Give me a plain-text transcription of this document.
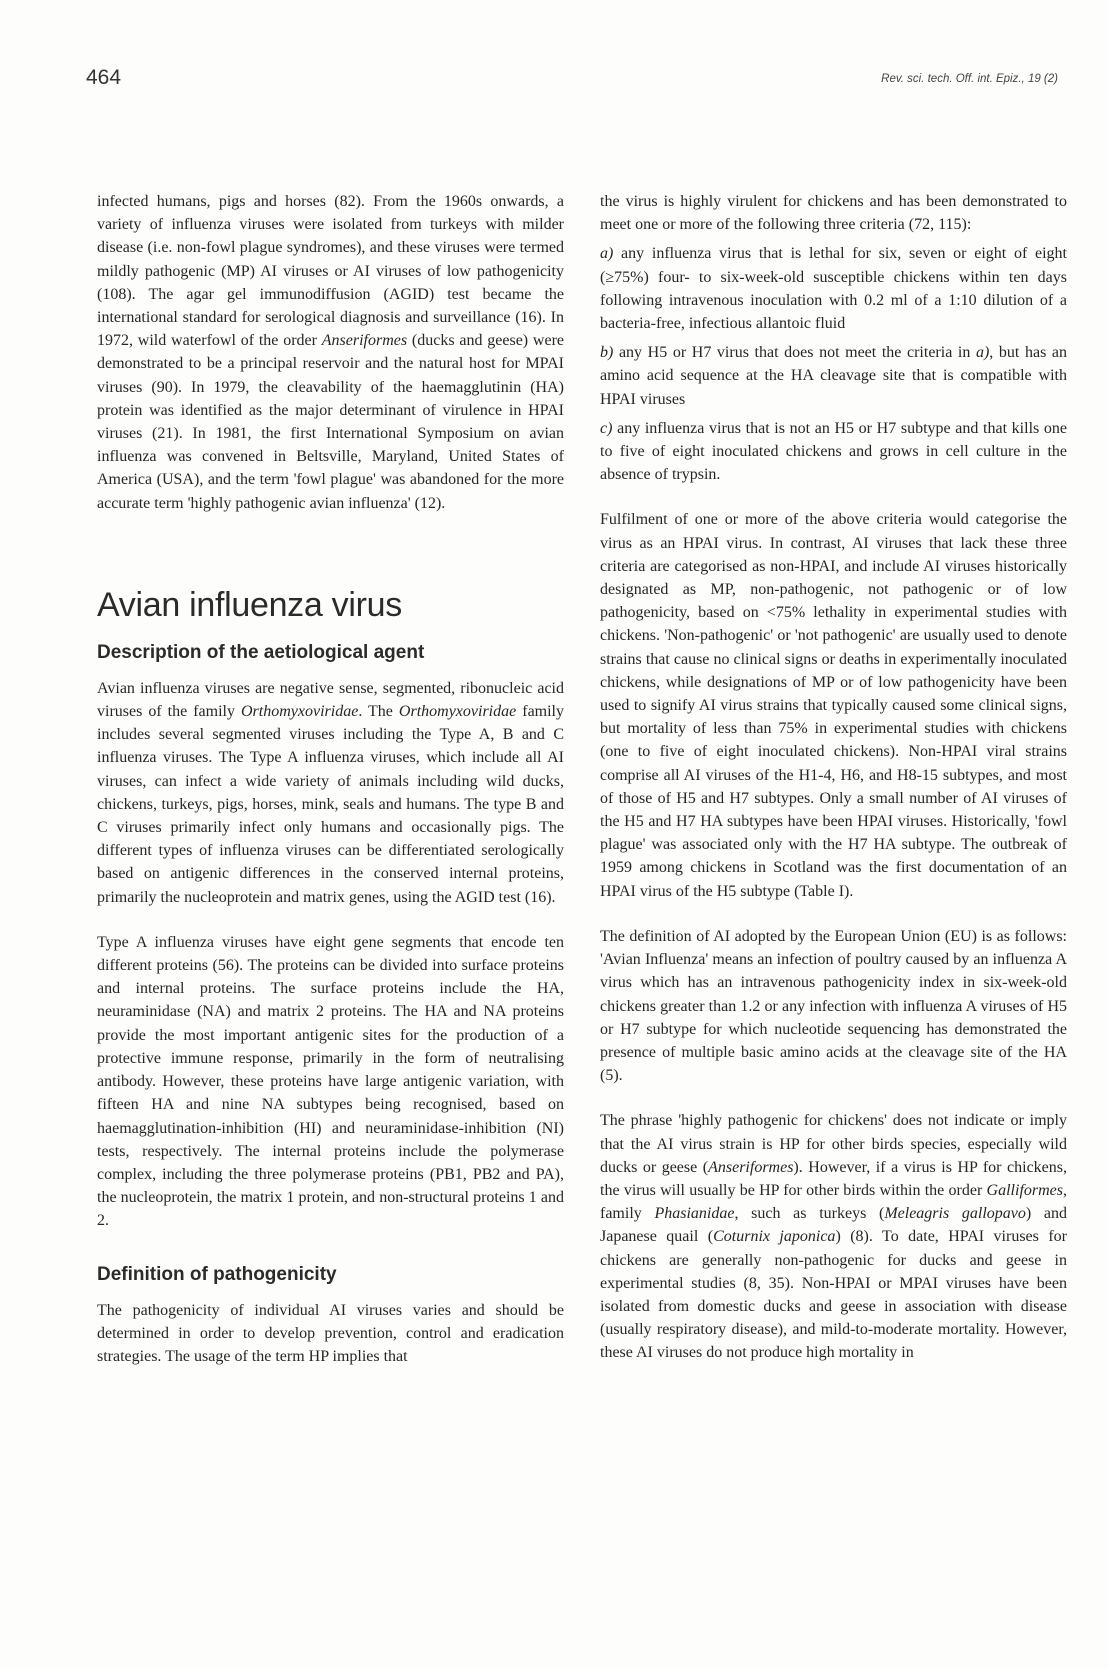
464	Rev. sci. tech. Off. int. Epiz., 19 (2)

infected humans, pigs and horses (82). From the 1960s onwards, a variety of influenza viruses were isolated from turkeys with milder disease (i.e. non-fowl plague syndromes), and these viruses were termed mildly pathogenic (MP) AI viruses or AI viruses of low pathogenicity (108). The agar gel immunodiffusion (AGID) test became the international standard for serological diagnosis and surveillance (16). In 1972, wild waterfowl of the order Anseriformes (ducks and geese) were demonstrated to be a principal reservoir and the natural host for MPAI viruses (90). In 1979, the cleavability of the haemagglutinin (HA) protein was identified as the major determinant of virulence in HPAI viruses (21). In 1981, the first International Symposium on avian influenza was convened in Beltsville, Maryland, United States of America (USA), and the term 'fowl plague' was abandoned for the more accurate term 'highly pathogenic avian influenza' (12).

Avian influenza virus
Description of the aetiological agent

Avian influenza viruses are negative sense, segmented, ribonucleic acid viruses of the family Orthomyxoviridae. The Orthomyxoviridae family includes several segmented viruses including the Type A, B and C influenza viruses. The Type A influenza viruses, which include all AI viruses, can infect a wide variety of animals including wild ducks, chickens, turkeys, pigs, horses, mink, seals and humans. The type B and C viruses primarily infect only humans and occasionally pigs. The different types of influenza viruses can be differentiated serologically based on antigenic differences in the conserved internal proteins, primarily the nucleoprotein and matrix genes, using the AGID test (16).

Type A influenza viruses have eight gene segments that encode ten different proteins (56). The proteins can be divided into surface proteins and internal proteins. The surface proteins include the HA, neuraminidase (NA) and matrix 2 proteins. The HA and NA proteins provide the most important antigenic sites for the production of a protective immune response, primarily in the form of neutralising antibody. However, these proteins have large antigenic variation, with fifteen HA and nine NA subtypes being recognised, based on haemagglutination-inhibition (HI) and neuraminidase-inhibition (NI) tests, respectively. The internal proteins include the polymerase complex, including the three polymerase proteins (PB1, PB2 and PA), the nucleoprotein, the matrix 1 protein, and non-structural proteins 1 and 2.

Definition of pathogenicity

The pathogenicity of individual AI viruses varies and should be determined in order to develop prevention, control and eradication strategies. The usage of the term HP implies that

the virus is highly virulent for chickens and has been demonstrated to meet one or more of the following three criteria (72, 115):

a) any influenza virus that is lethal for six, seven or eight of eight (≥75%) four- to six-week-old susceptible chickens within ten days following intravenous inoculation with 0.2 ml of a 1:10 dilution of a bacteria-free, infectious allantoic fluid

b) any H5 or H7 virus that does not meet the criteria in a), but has an amino acid sequence at the HA cleavage site that is compatible with HPAI viruses

c) any influenza virus that is not an H5 or H7 subtype and that kills one to five of eight inoculated chickens and grows in cell culture in the absence of trypsin.

Fulfilment of one or more of the above criteria would categorise the virus as an HPAI virus. In contrast, AI viruses that lack these three criteria are categorised as non-HPAI, and include AI viruses historically designated as MP, non-pathogenic, not pathogenic or of low pathogenicity, based on <75% lethality in experimental studies with chickens. 'Non-pathogenic' or 'not pathogenic' are usually used to denote strains that cause no clinical signs or deaths in experimentally inoculated chickens, while designations of MP or of low pathogenicity have been used to signify AI virus strains that typically caused some clinical signs, but mortality of less than 75% in experimental studies with chickens (one to five of eight inoculated chickens). Non-HPAI viral strains comprise all AI viruses of the H1-4, H6, and H8-15 subtypes, and most of those of H5 and H7 subtypes. Only a small number of AI viruses of the H5 and H7 HA subtypes have been HPAI viruses. Historically, 'fowl plague' was associated only with the H7 HA subtype. The outbreak of 1959 among chickens in Scotland was the first documentation of an HPAI virus of the H5 subtype (Table I).

The definition of AI adopted by the European Union (EU) is as follows: 'Avian Influenza' means an infection of poultry caused by an influenza A virus which has an intravenous pathogenicity index in six-week-old chickens greater than 1.2 or any infection with influenza A viruses of H5 or H7 subtype for which nucleotide sequencing has demonstrated the presence of multiple basic amino acids at the cleavage site of the HA (5).

The phrase 'highly pathogenic for chickens' does not indicate or imply that the AI virus strain is HP for other birds species, especially wild ducks or geese (Anseriformes). However, if a virus is HP for chickens, the virus will usually be HP for other birds within the order Galliformes, family Phasianidae, such as turkeys (Meleagris gallopavo) and Japanese quail (Coturnix japonica) (8). To date, HPAI viruses for chickens are generally non-pathogenic for ducks and geese in experimental studies (8, 35). Non-HPAI or MPAI viruses have been isolated from domestic ducks and geese in association with disease (usually respiratory disease), and mild-to-moderate mortality. However, these AI viruses do not produce high mortality in
